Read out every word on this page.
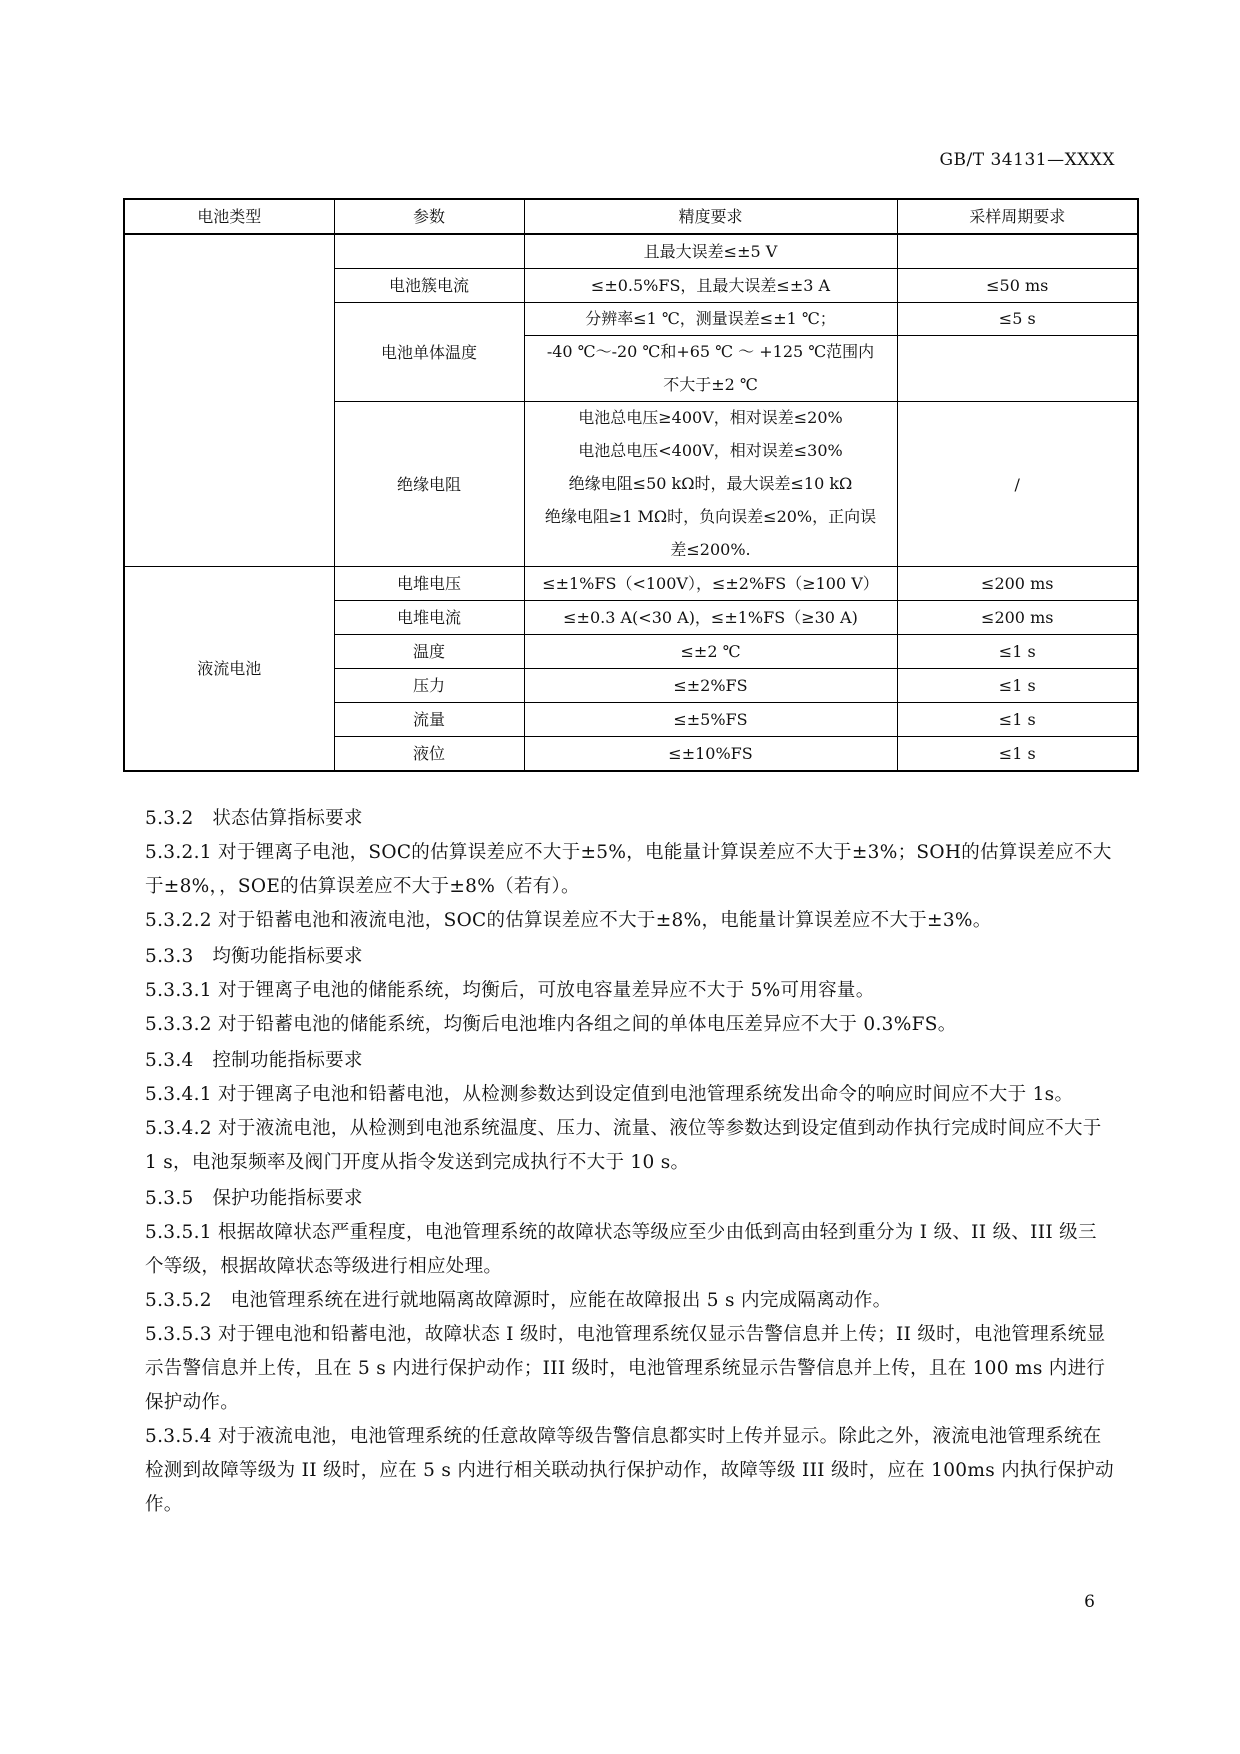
GB/T 34131—XXXX
电池类型	参数	精度要求	采样周期要求
		且最大误差≤±5 V	
	电池簇电流	≤±0.5%FS，且最大误差≤±3 A	≤50 ms
	电池单体温度	分辨率≤1 ℃，测量误差≤±1 ℃；	≤5 s
		-40 ℃～-20 ℃和+65 ℃ ～ +125 ℃范围内	
		不大于±2 ℃	
	绝缘电阻	电池总电压≥400V，相对误差≤20%	/
		电池总电压<400V，相对误差≤30%	
		绝缘电阻≤50 kΩ时，最大误差≤10 kΩ	
		绝缘电阻≥1 MΩ时，负向误差≤20%，正向误	
		差≤200%.	
液流电池	电堆电压	≤±1%FS（<100V），≤±2%FS（≥100 V）	≤200 ms
	电堆电流	≤±0.3 A(<30 A)，≤±1%FS（≥30 A)	≤200 ms
	温度	≤±2 ℃	≤1 s
	压力	≤±2%FS	≤1 s
	流量	≤±5%FS	≤1 s
	液位	≤±10%FS	≤1 s

5.3.2　状态估算指标要求

5.3.2.1 对于锂离子电池，SOC的估算误差应不大于±5%，电能量计算误差应不大于±3%；SOH的估算误差应不大于±8%，，SOE的估算误差应不大于±8%（若有）。

5.3.2.2 对于铅蓄电池和液流电池，SOC的估算误差应不大于±8%，电能量计算误差应不大于±3%。

5.3.3　均衡功能指标要求

5.3.3.1 对于锂离子电池的储能系统，均衡后，可放电容量差异应不大于 5%可用容量。

5.3.3.2 对于铅蓄电池的储能系统，均衡后电池堆内各组之间的单体电压差异应不大于 0.3%FS。

5.3.4　控制功能指标要求

5.3.4.1 对于锂离子电池和铅蓄电池，从检测参数达到设定值到电池管理系统发出命令的响应时间应不大于 1s。

5.3.4.2 对于液流电池，从检测到电池系统温度、压力、流量、液位等参数达到设定值到动作执行完成时间应不大于 1 s，电池泵频率及阀门开度从指令发送到完成执行不大于 10 s。

5.3.5　保护功能指标要求

5.3.5.1 根据故障状态严重程度，电池管理系统的故障状态等级应至少由低到高由轻到重分为 I 级、II 级、III 级三个等级，根据故障状态等级进行相应处理。

5.3.5.2　电池管理系统在进行就地隔离故障源时，应能在故障报出 5 s 内完成隔离动作。

5.3.5.3 对于锂电池和铅蓄电池，故障状态 I 级时，电池管理系统仅显示告警信息并上传；II 级时，电池管理系统显示告警信息并上传，且在 5 s 内进行保护动作；III 级时，电池管理系统显示告警信息并上传，且在 100 ms 内进行保护动作。

5.3.5.4 对于液流电池，电池管理系统的任意故障等级告警信息都实时上传并显示。除此之外，液流电池管理系统在检测到故障等级为 II 级时，应在 5 s 内进行相关联动执行保护动作，故障等级 III 级时，应在 100ms 内执行保护动作。

6
